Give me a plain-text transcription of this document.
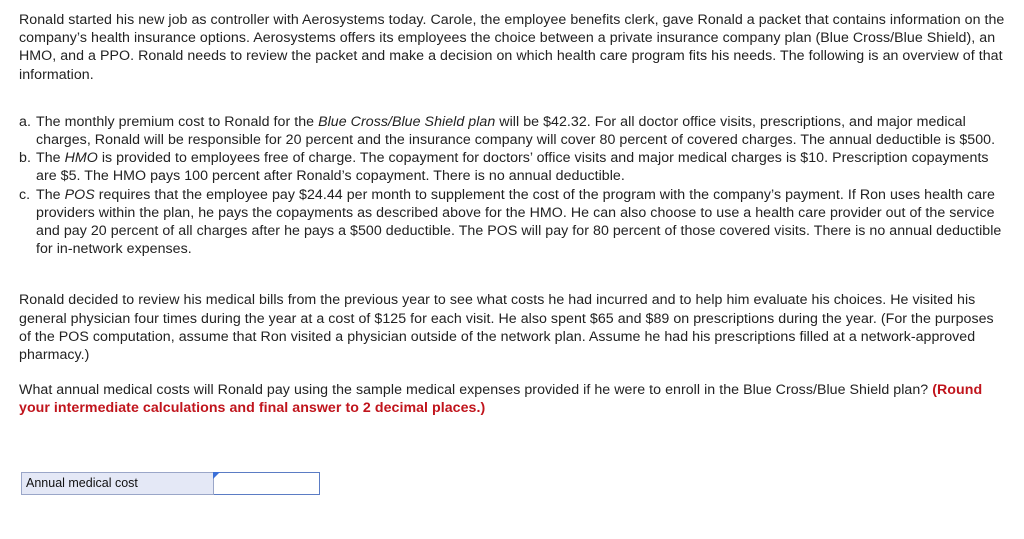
Ronald started his new job as controller with Aerosystems today. Carole, the employee benefits clerk, gave Ronald a packet that contains information on the company’s health insurance options. Aerosystems offers its employees the choice between a private insurance company plan (Blue Cross/Blue Shield), an HMO, and a PPO. Ronald needs to review the packet and make a decision on which health care program fits his needs. The following is an overview of that information.

a. The monthly premium cost to Ronald for the Blue Cross/Blue Shield plan will be $42.32. For all doctor office visits, prescriptions, and major medical charges, Ronald will be responsible for 20 percent and the insurance company will cover 80 percent of covered charges. The annual deductible is $500.
b. The HMO is provided to employees free of charge. The copayment for doctors’ office visits and major medical charges is $10. Prescription copayments are $5. The HMO pays 100 percent after Ronald’s copayment. There is no annual deductible.
c. The POS requires that the employee pay $24.44 per month to supplement the cost of the program with the company’s payment. If Ron uses health care providers within the plan, he pays the copayments as described above for the HMO. He can also choose to use a health care provider out of the service and pay 20 percent of all charges after he pays a $500 deductible. The POS will pay for 80 percent of those covered visits. There is no annual deductible for in-network expenses.

Ronald decided to review his medical bills from the previous year to see what costs he had incurred and to help him evaluate his choices. He visited his general physician four times during the year at a cost of $125 for each visit. He also spent $65 and $89 on prescriptions during the year. (For the purposes of the POS computation, assume that Ron visited a physician outside of the network plan. Assume he had his prescriptions filled at a network-approved pharmacy.)

What annual medical costs will Ronald pay using the sample medical expenses provided if he were to enroll in the Blue Cross/Blue Shield plan? (Round your intermediate calculations and final answer to 2 decimal places.)

Annual medical cost
